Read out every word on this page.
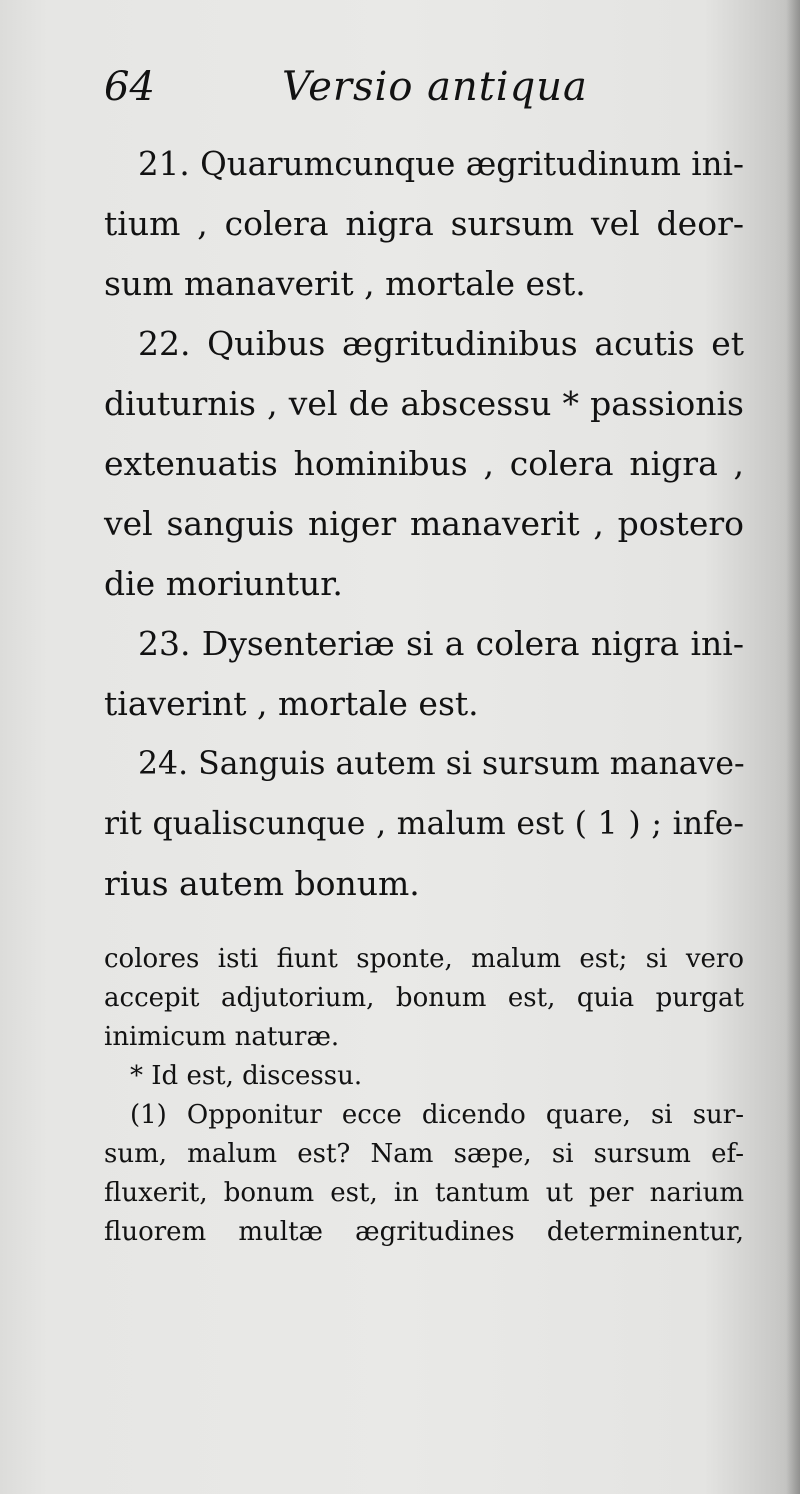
64	Versio antiqua
21. Quarumcunque ægritudinum ini-
tium , colera nigra sursum vel deor-
sum manaverit , mortale est.
22. Quibus ægritudinibus acutis et
diuturnis , vel de abscessu * passionis
extenuatis hominibus , colera nigra ,
vel sanguis niger manaverit , postero
die moriuntur.
23. Dysenteriæ si a colera nigra ini-
tiaverint , mortale est.
24. Sanguis autem si sursum manave-
rit qualiscunque , malum est ( 1 ) ; infe-
rius autem bonum.
colores isti fiunt sponte, malum est; si vero
accepit adjutorium, bonum est, quia purgat
inimicum naturæ.
* Id est, discessu.
(1) Opponitur ecce dicendo quare, si sur-
sum, malum est? Nam sæpe, si sursum ef-
fluxerit, bonum est, in tantum ut per narium
fluorem multæ ægritudines determinentur,
